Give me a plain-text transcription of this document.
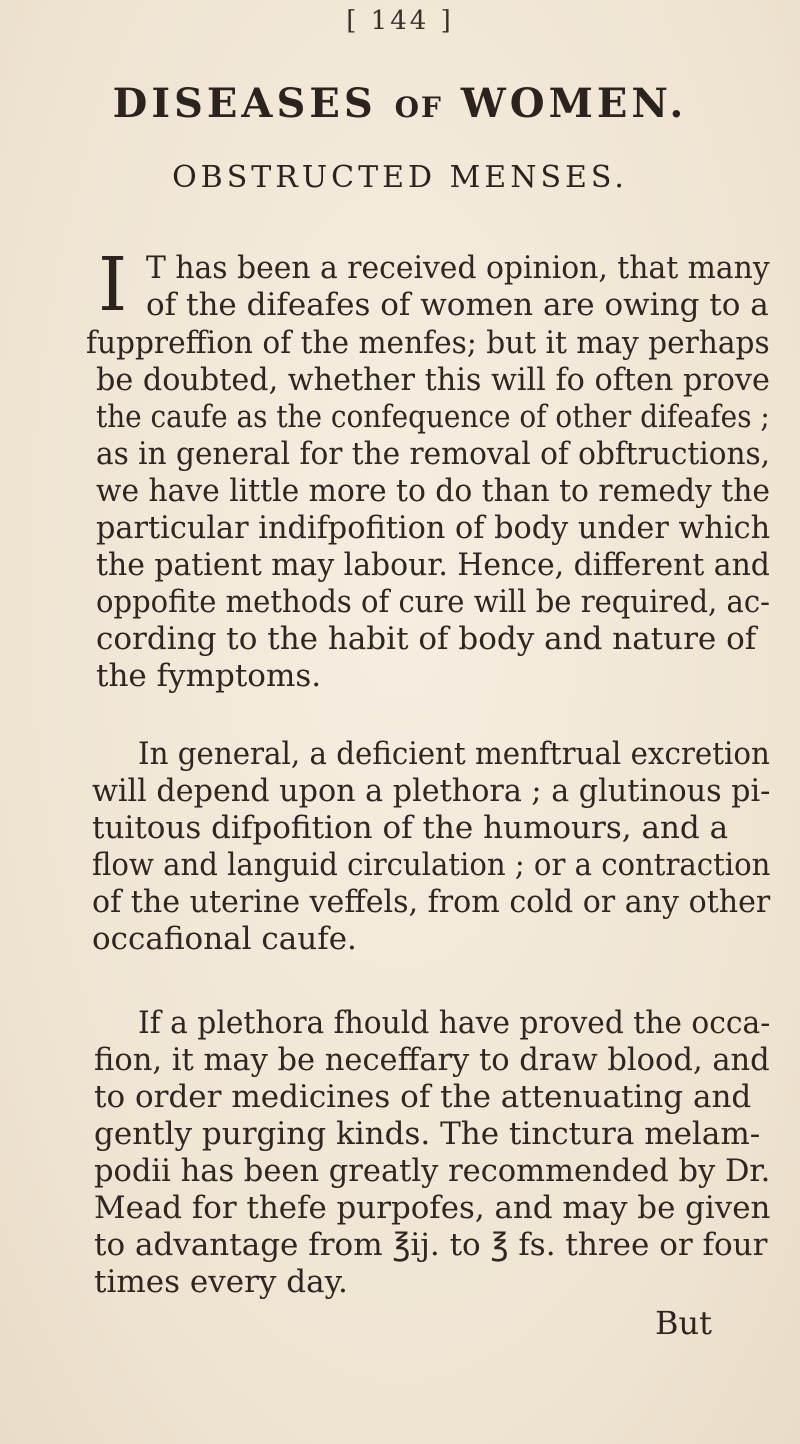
[ 144 ]
DISEASES OF WOMEN.
OBSTRUCTED MENSES.
I T has been a received opinion, that many
of the difeafes of women are owing to a
fuppreffion of the menfes; but it may perhaps
be doubted, whether this will fo often prove
the caufe as the confequence of other difeafes ;
as in general for the removal of obftructions,
we have little more to do than to remedy the
particular indifpofition of body under which
the patient may labour. Hence, different and
oppofite methods of cure will be required, ac-
cording to the habit of body and nature of
the fymptoms.
In general, a deficient menftrual excretion
will depend upon a plethora ; a glutinous pi-
tuitous difpofition of the humours, and a
flow and languid circulation ; or a contraction
of the uterine veffels, from cold or any other
occafional caufe.
If a plethora fhould have proved the occa-
fion, it may be neceffary to draw blood, and
to order medicines of the attenuating and
gently purging kinds. The tinctura melam-
podii has been greatly recommended by Dr.
Mead for thefe purpofes, and may be given
to advantage from ℥ij. to ℥ fs. three or four
times every day.
But
